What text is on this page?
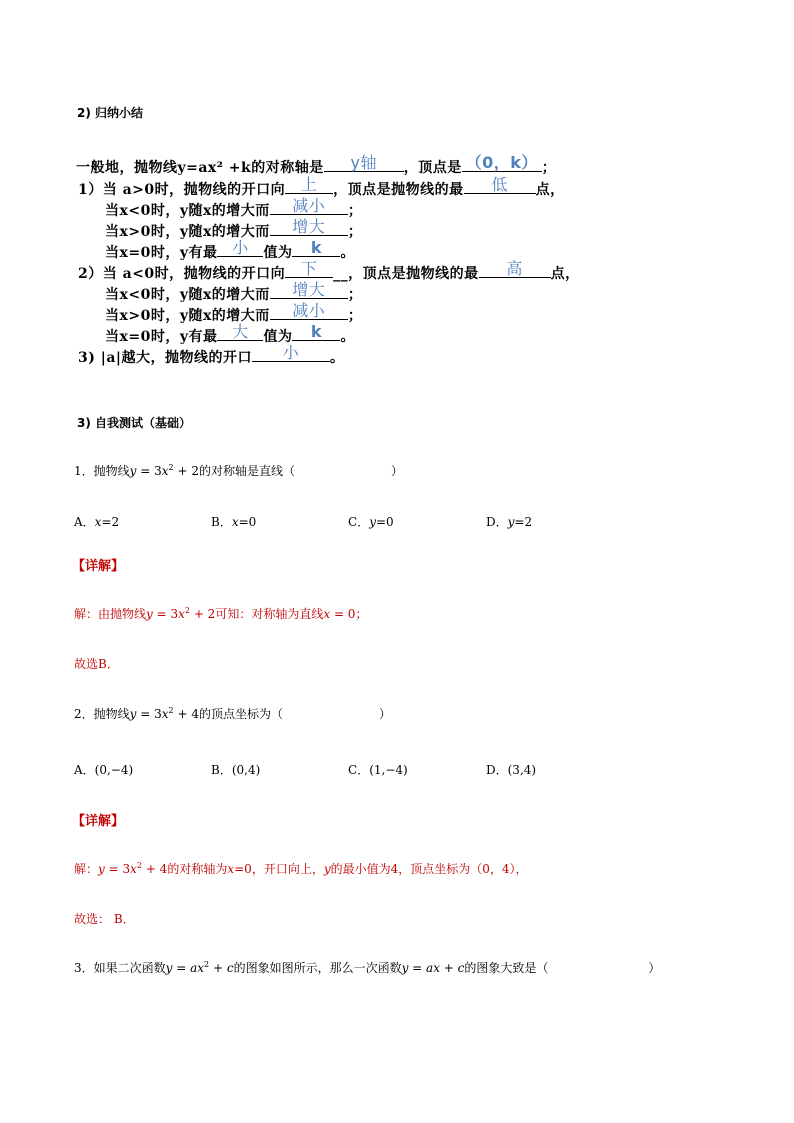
2) 归纳小结
一般地，抛物线y=ax² +k的对称轴是	y轴	，顶点是 （0，k） ；
1）当 a>0时，抛物线的开口向 上	，顶点是抛物线的最	低	点，
当x<0时，y随x的增大而	减小	；
当x>0时，y随x的增大而	增大	；
当x=0时，y有最 小	值为	k	。
2）当 a<0时，抛物线的开口向 下	__，顶点是抛物线的最	高	点，
当x<0时，y随x的增大而	增大	；
当x>0时，y随x的增大而	减小	；
当x=0时，y有最 大	值为	k	。
3) |a|越大，抛物线的开口	小	。
3) 自我测试（基础）
1．抛物线$y = 3x^2 + 2$的对称轴是直线（	）
A．x=2	B．x=0	C．y=0	D．y=2
【详解】
解：由抛物线$y = 3x^2 + 2$可知：对称轴为直线x = 0；
故选B．
2．抛物线$y = 3x^2 + 4$的顶点坐标为（	）
A．(0,−4)	B．(0,4)	C．(1,−4)	D．(3,4)
【详解】
解：$y = 3x^2 + 4$的对称轴为x=0，开口向上，y的最小值为4，顶点坐标为（0，4），
故选： B．
3．如果二次函数$y = ax^2 + c$的图象如图所示，那么一次函数y = ax + c的图象大致是（	）
